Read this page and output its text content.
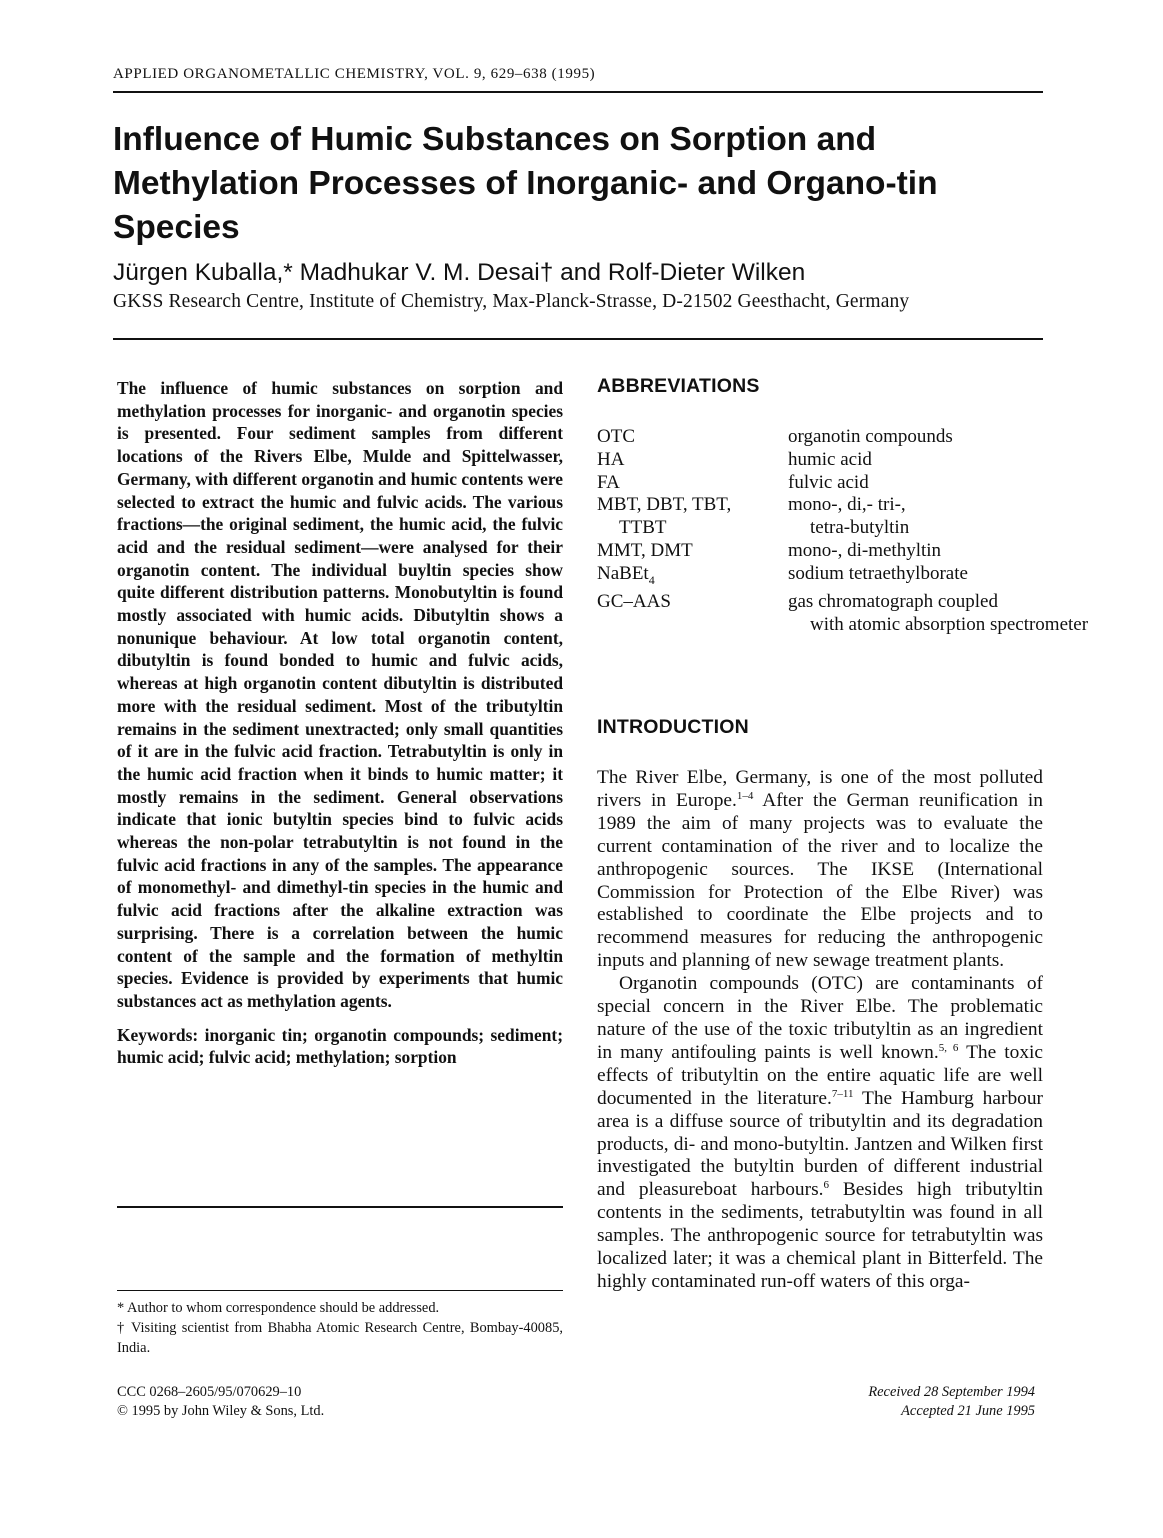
APPLIED ORGANOMETALLIC CHEMISTRY, VOL. 9, 629–638 (1995)
Influence of Humic Substances on Sorption and Methylation Processes of Inorganic- and Organo-tin Species
Jürgen Kuballa,* Madhukar V. M. Desai† and Rolf-Dieter Wilken
GKSS Research Centre, Institute of Chemistry, Max-Planck-Strasse, D-21502 Geesthacht, Germany

The influence of humic substances on sorption and methylation processes for inorganic- and organotin species is presented. Four sediment samples from different locations of the Rivers Elbe, Mulde and Spittelwasser, Germany, with different organotin and humic contents were selected to extract the humic and fulvic acids. The various fractions—the original sediment, the humic acid, the fulvic acid and the residual sediment—were analysed for their organotin content. The individual buyltin species show quite different distribution patterns. Monobutyltin is found mostly associated with humic acids. Dibutyltin shows a nonunique behaviour. At low total organotin content, dibutyltin is found bonded to humic and fulvic acids, whereas at high organotin content dibutyltin is distributed more with the residual sediment. Most of the tributyltin remains in the sediment unextracted; only small quantities of it are in the fulvic acid fraction. Tetrabutyltin is only in the humic acid fraction when it binds to humic matter; it mostly remains in the sediment. General observations indicate that ionic butyltin species bind to fulvic acids whereas the non-polar tetrabutyltin is not found in the fulvic acid fractions in any of the samples. The appearance of monomethyl- and dimethyl-tin species in the humic and fulvic acid fractions after the alkaline extraction was surprising. There is a correlation between the humic content of the sample and the formation of methyltin species. Evidence is provided by experiments that humic substances act as methylation agents.

Keywords: inorganic tin; organotin compounds; sediment; humic acid; fulvic acid; methylation; sorption

* Author to whom correspondence should be addressed.

† Visiting scientist from Bhabha Atomic Research Centre, Bombay-40085, India.

CCC 0268–2605/95/070629–10

© 1995 by John Wiley & Sons, Ltd.

Received 28 September 1994

Accepted 21 June 1995

ABBREVIATIONS
OTC	organotin compounds
HA	humic acid
FA	fulvic acid
MBT, DBT, TBT,
TTBT	mono-, di,- tri-,
tetra-butyltin

MMT, DMT	mono-, di-methyltin
NaBEt$_4$	sodium tetraethylborate
GC–AAS	gas chromatograph coupled
with atomic absorption spectrometer
INTRODUCTION

The River Elbe, Germany, is one of the most polluted rivers in Europe.$^{1-4}$ After the German reunification in 1989 the aim of many projects was to evaluate the current contamination of the river and to localize the anthropogenic sources. The IKSE (International Commission for Protection of the Elbe River) was established to coordinate the Elbe projects and to recommend measures for reducing the anthropogenic inputs and planning of new sewage treatment plants.

Organotin compounds (OTC) are contaminants of special concern in the River Elbe. The problematic nature of the use of the toxic tributyltin as an ingredient in many antifouling paints is well known.$^{5, 6}$ The toxic effects of tributyltin on the entire aquatic life are well documented in the literature.$^{7-11}$ The Hamburg harbour area is a diffuse source of tributyltin and its degradation products, di- and mono-butyltin. Jantzen and Wilken first investigated the butyltin burden of different industrial and pleasureboat harbours.$^6$ Besides high tributyltin contents in the sediments, tetrabutyltin was found in all samples. The anthropogenic source for tetrabutyltin was localized later; it was a chemical plant in Bitterfeld. The highly contaminated run-off waters of this orga-
